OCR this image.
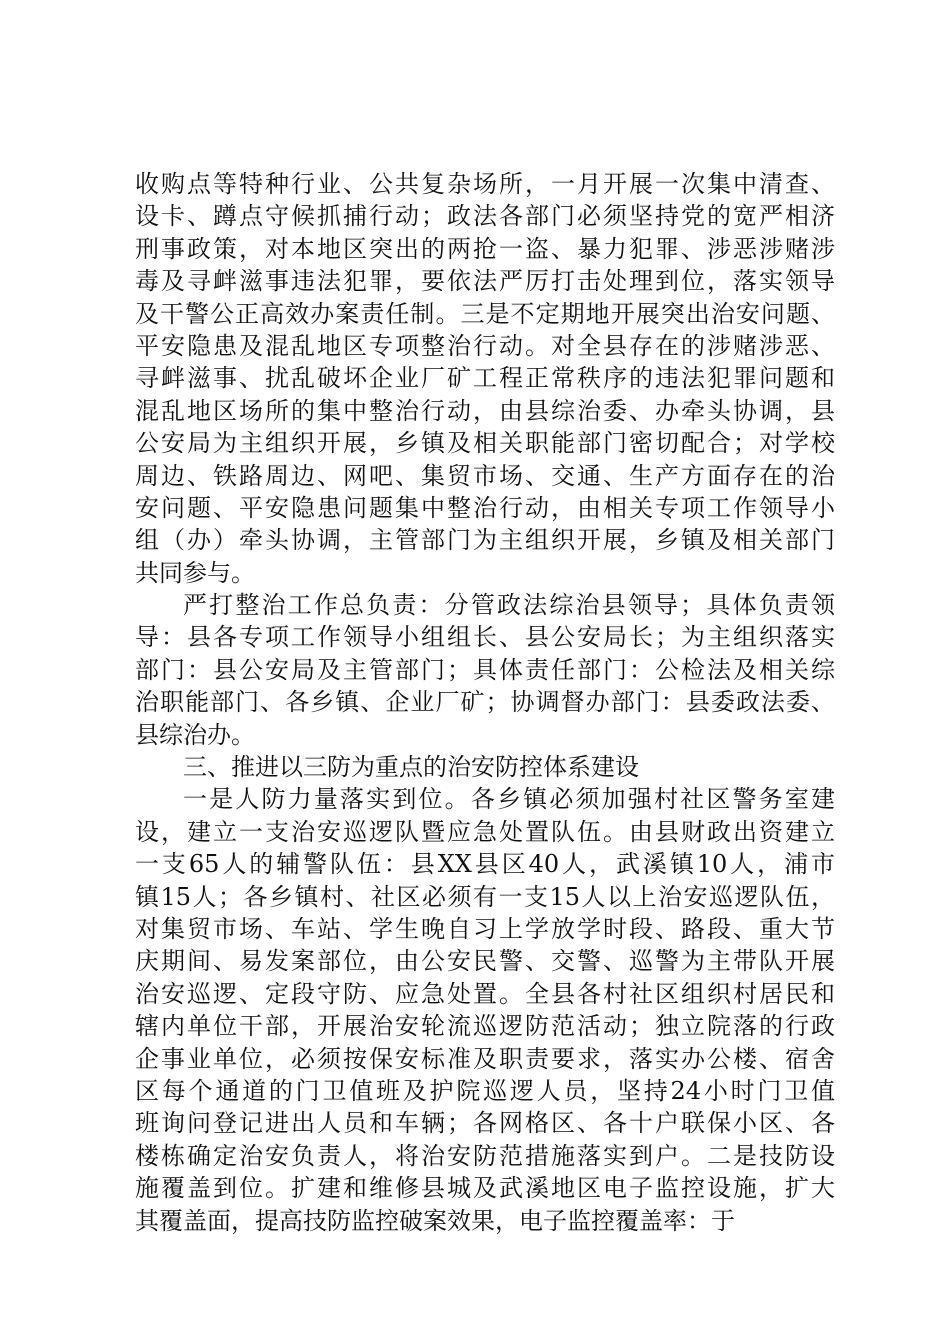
收购点等特种行业、公共复杂场所，一月开展一次集中清查、
设卡、蹲点守候抓捕行动；政法各部门必须坚持党的宽严相济
刑事政策，对本地区突出的两抢一盗、暴力犯罪、涉恶涉赌涉
毒及寻衅滋事违法犯罪，要依法严厉打击处理到位，落实领导
及干警公正高效办案责任制。三是不定期地开展突出治安问题、
平安隐患及混乱地区专项整治行动。对全县存在的涉赌涉恶、
寻衅滋事、扰乱破坏企业厂矿工程正常秩序的违法犯罪问题和
混乱地区场所的集中整治行动，由县综治委、办牵头协调，县
公安局为主组织开展，乡镇及相关职能部门密切配合；对学校
周边、铁路周边、网吧、集贸市场、交通、生产方面存在的治
安问题、平安隐患问题集中整治行动，由相关专项工作领导小
组（办）牵头协调，主管部门为主组织开展，乡镇及相关部门
共同参与。
严打整治工作总负责：分管政法综治县领导；具体负责领
导：县各专项工作领导小组组长、县公安局长；为主组织落实
部门：县公安局及主管部门；具体责任部门：公检法及相关综
治职能部门、各乡镇、企业厂矿；协调督办部门：县委政法委、
县综治办。
三、推进以三防为重点的治安防控体系建设
一是人防力量落实到位。各乡镇必须加强村社区警务室建
设，建立一支治安巡逻队暨应急处置队伍。由县财政出资建立
一支65人的辅警队伍：县XX县区40人，武溪镇10人，浦市
镇15人；各乡镇村、社区必须有一支15人以上治安巡逻队伍，
对集贸市场、车站、学生晚自习上学放学时段、路段、重大节
庆期间、易发案部位，由公安民警、交警、巡警为主带队开展
治安巡逻、定段守防、应急处置。全县各村社区组织村居民和
辖内单位干部，开展治安轮流巡逻防范活动；独立院落的行政
企事业单位，必须按保安标准及职责要求，落实办公楼、宿舍
区每个通道的门卫值班及护院巡逻人员，坚持24小时门卫值
班询问登记进出人员和车辆；各网格区、各十户联保小区、各
楼栋确定治安负责人，将治安防范措施落实到户。二是技防设
施覆盖到位。扩建和维修县城及武溪地区电子监控设施，扩大
其覆盖面，提高技防监控破案效果，电子监控覆盖率：于
